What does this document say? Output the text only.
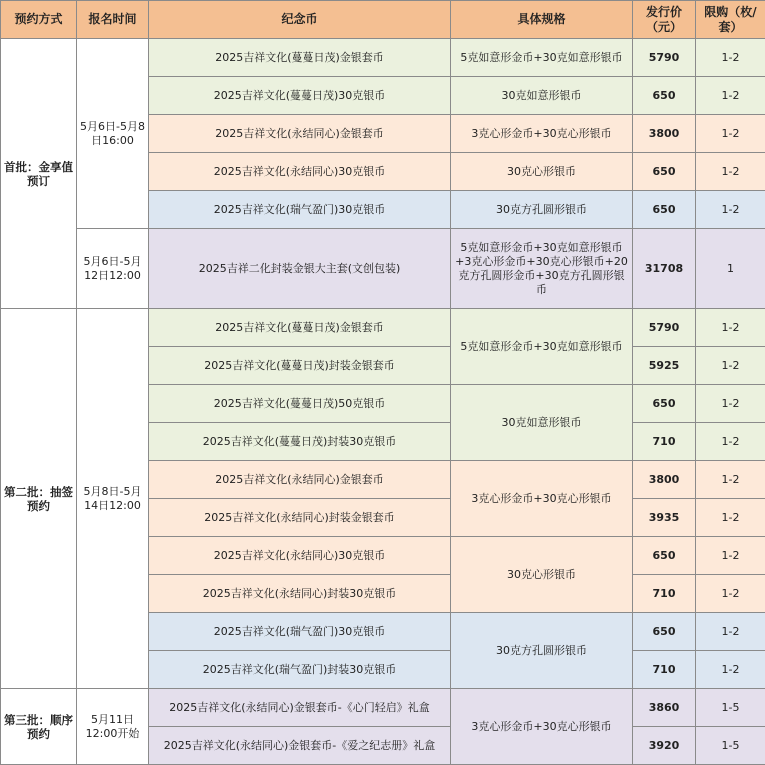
预约方式	报名时间	纪念币	具体规格	发行价（元）	限购（枚/套）
首批：金享值预订	5月6日-5月8日16:00	2025吉祥文化(蔓蔓日茂)金银套币	5克如意形金币+30克如意形银币	5790	1-2
		2025吉祥文化(蔓蔓日茂)30克银币	30克如意形银币	650	1-2
		2025吉祥文化(永结同心)金银套币	3克心形金币+30克心形银币	3800	1-2
		2025吉祥文化(永结同心)30克银币	30克心形银币	650	1-2
		2025吉祥文化(瑞气盈门)30克银币	30克方孔圆形银币	650	1-2
	5月6日-5月12日12:00	2025吉祥二化封装金银大主套(文创包装)	5克如意形金币+30克如意形银币+3克心形金币+30克心形银币+20克方孔圆形金币+30克方孔圆形银币	31708	1
第二批：抽签预约	5月8日-5月14日12:00	2025吉祥文化(蔓蔓日茂)金银套币	5克如意形金币+30克如意形银币	5790	1-2
		2025吉祥文化(蔓蔓日茂)封装金银套币		5925	1-2
		2025吉祥文化(蔓蔓日茂)50克银币	30克如意形银币	650	1-2
		2025吉祥文化(蔓蔓日茂)封装30克银币		710	1-2
		2025吉祥文化(永结同心)金银套币	3克心形金币+30克心形银币	3800	1-2
		2025吉祥文化(永结同心)封装金银套币		3935	1-2
		2025吉祥文化(永结同心)30克银币	30克心形银币	650	1-2
		2025吉祥文化(永结同心)封装30克银币		710	1-2
		2025吉祥文化(瑞气盈门)30克银币	30克方孔圆形银币	650	1-2
		2025吉祥文化(瑞气盈门)封装30克银币		710	1-2
第三批：顺序预约	5月11日12:00开始	2025吉祥文化(永结同心)金银套币-《心门轻启》礼盒	3克心形金币+30克心形银币	3860	1-5
		2025吉祥文化(永结同心)金银套币-《爱之纪志册》礼盒		3920	1-5
